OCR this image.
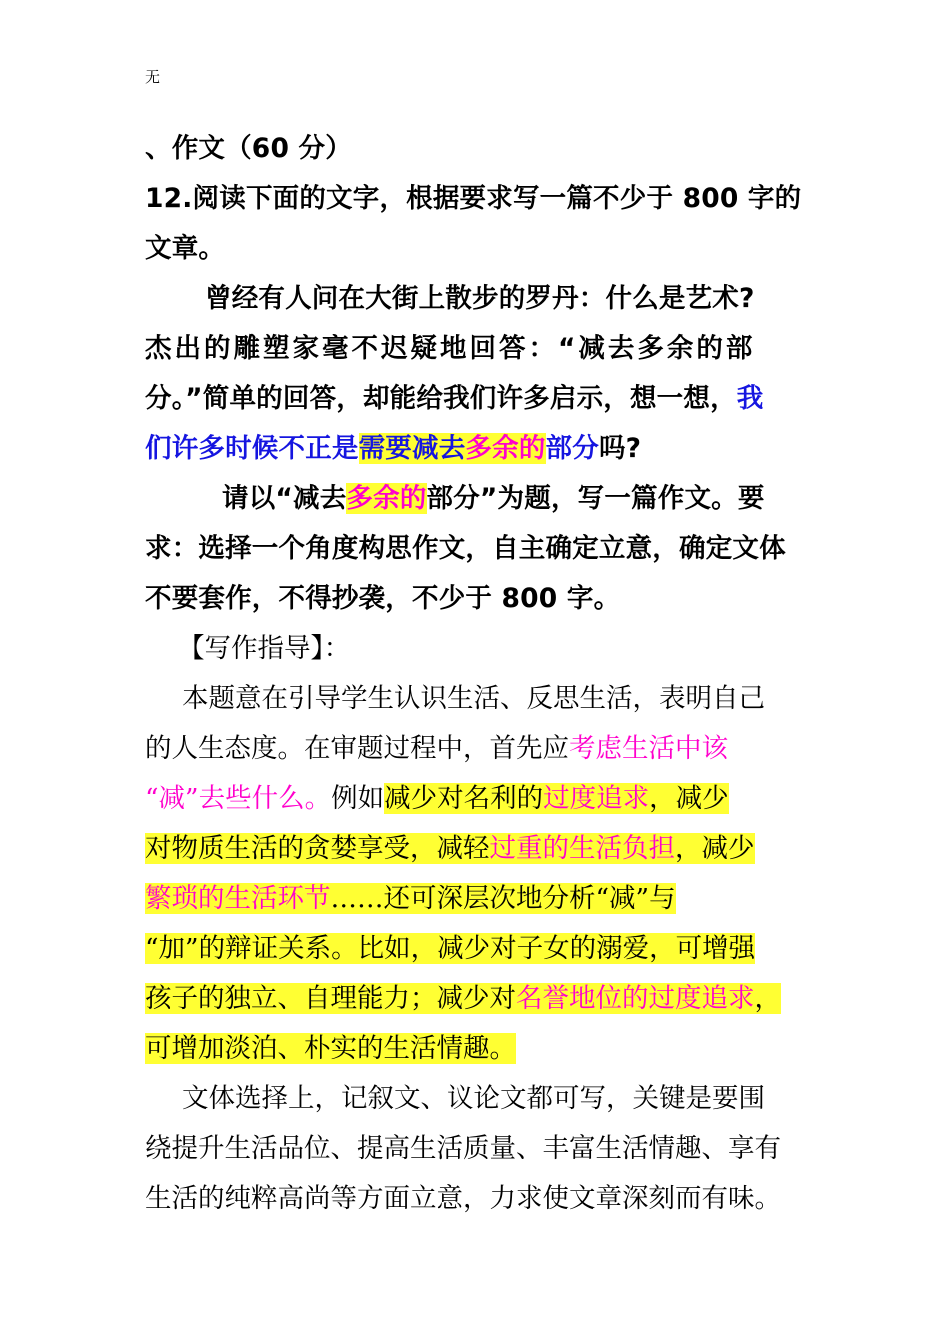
无
、作文（60 分）
12.阅读下面的文字，根据要求写一篇不少于 800 字的
文章。
曾经有人问在大街上散步的罗丹：什么是艺术?
杰出的雕塑家毫不迟疑地回答：“减去多余的部
分。”简单的回答，却能给我们许多启示，想一想，我
们许多时候不正是需要减去多余的部分吗?
请以“减去多余的部分”为题，写一篇作文。要
求：选择一个角度构思作文，自主确定立意，确定文体
不要套作，不得抄袭，不少于 800 字。
【写作指导】：
本题意在引导学生认识生活、反思生活，表明自己
的人生态度。在审题过程中，首先应考虑生活中该
“减”去些什么。例如减少对名利的过度追求，减少
对物质生活的贪婪享受，减轻过重的生活负担，减少
繁琐的生活环节……还可深层次地分析“减”与
“加”的辩证关系。比如，减少对子女的溺爱，可增强
孩子的独立、自理能力；减少对名誉地位的过度追求，
可增加淡泊、朴实的生活情趣。
文体选择上，记叙文、议论文都可写，关键是要围
绕提升生活品位、提高生活质量、丰富生活情趣、享有
生活的纯粹高尚等方面立意，力求使文章深刻而有味。
